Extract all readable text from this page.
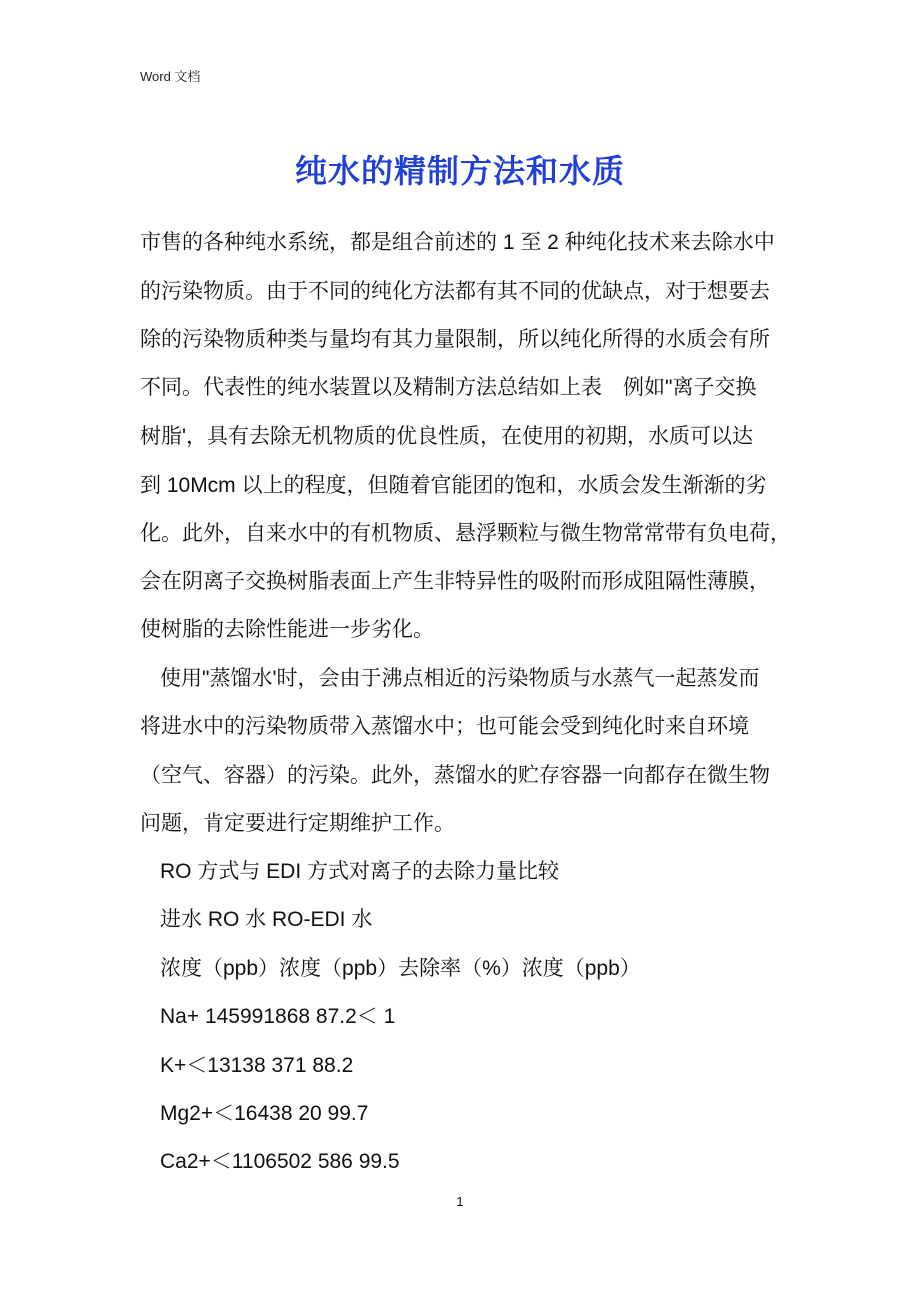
Word 文档
纯水的精制方法和水质
市售的各种纯水系统，都是组合前述的 1 至 2 种纯化技术来去除水中
的污染物质。由于不同的纯化方法都有其不同的优缺点，对于想要去
除的污染物质种类与量均有其力量限制，所以纯化所得的水质会有所
不同。代表性的纯水装置以及精制方法总结如上表　例如"离子交换
树脂'，具有去除无机物质的优良性质，在使用的初期，水质可以达
到 10Mcm 以上的程度，但随着官能团的饱和，水质会发生渐渐的劣
化。此外，自来水中的有机物质、悬浮颗粒与微生物常常带有负电荷，
会在阴离子交换树脂表面上产生非特异性的吸附而形成阻隔性薄膜，
使树脂的去除性能进一步劣化。
使用"蒸馏水'时，会由于沸点相近的污染物质与水蒸气一起蒸发而
将进水中的污染物质带入蒸馏水中；也可能会受到纯化时来自环境
（空气、容器）的污染。此外，蒸馏水的贮存容器一向都存在微生物
问题，肯定要进行定期维护工作。
RO 方式与 EDI 方式对离子的去除力量比较
进水 RO 水 RO-EDI 水
浓度（ppb）浓度（ppb）去除率（%）浓度（ppb）
Na+ 145991868 87.2＜ 1
K+＜13138 371 88.2
Mg2+＜16438 20 99.7
Ca2+＜1106502 586 99.5
1
